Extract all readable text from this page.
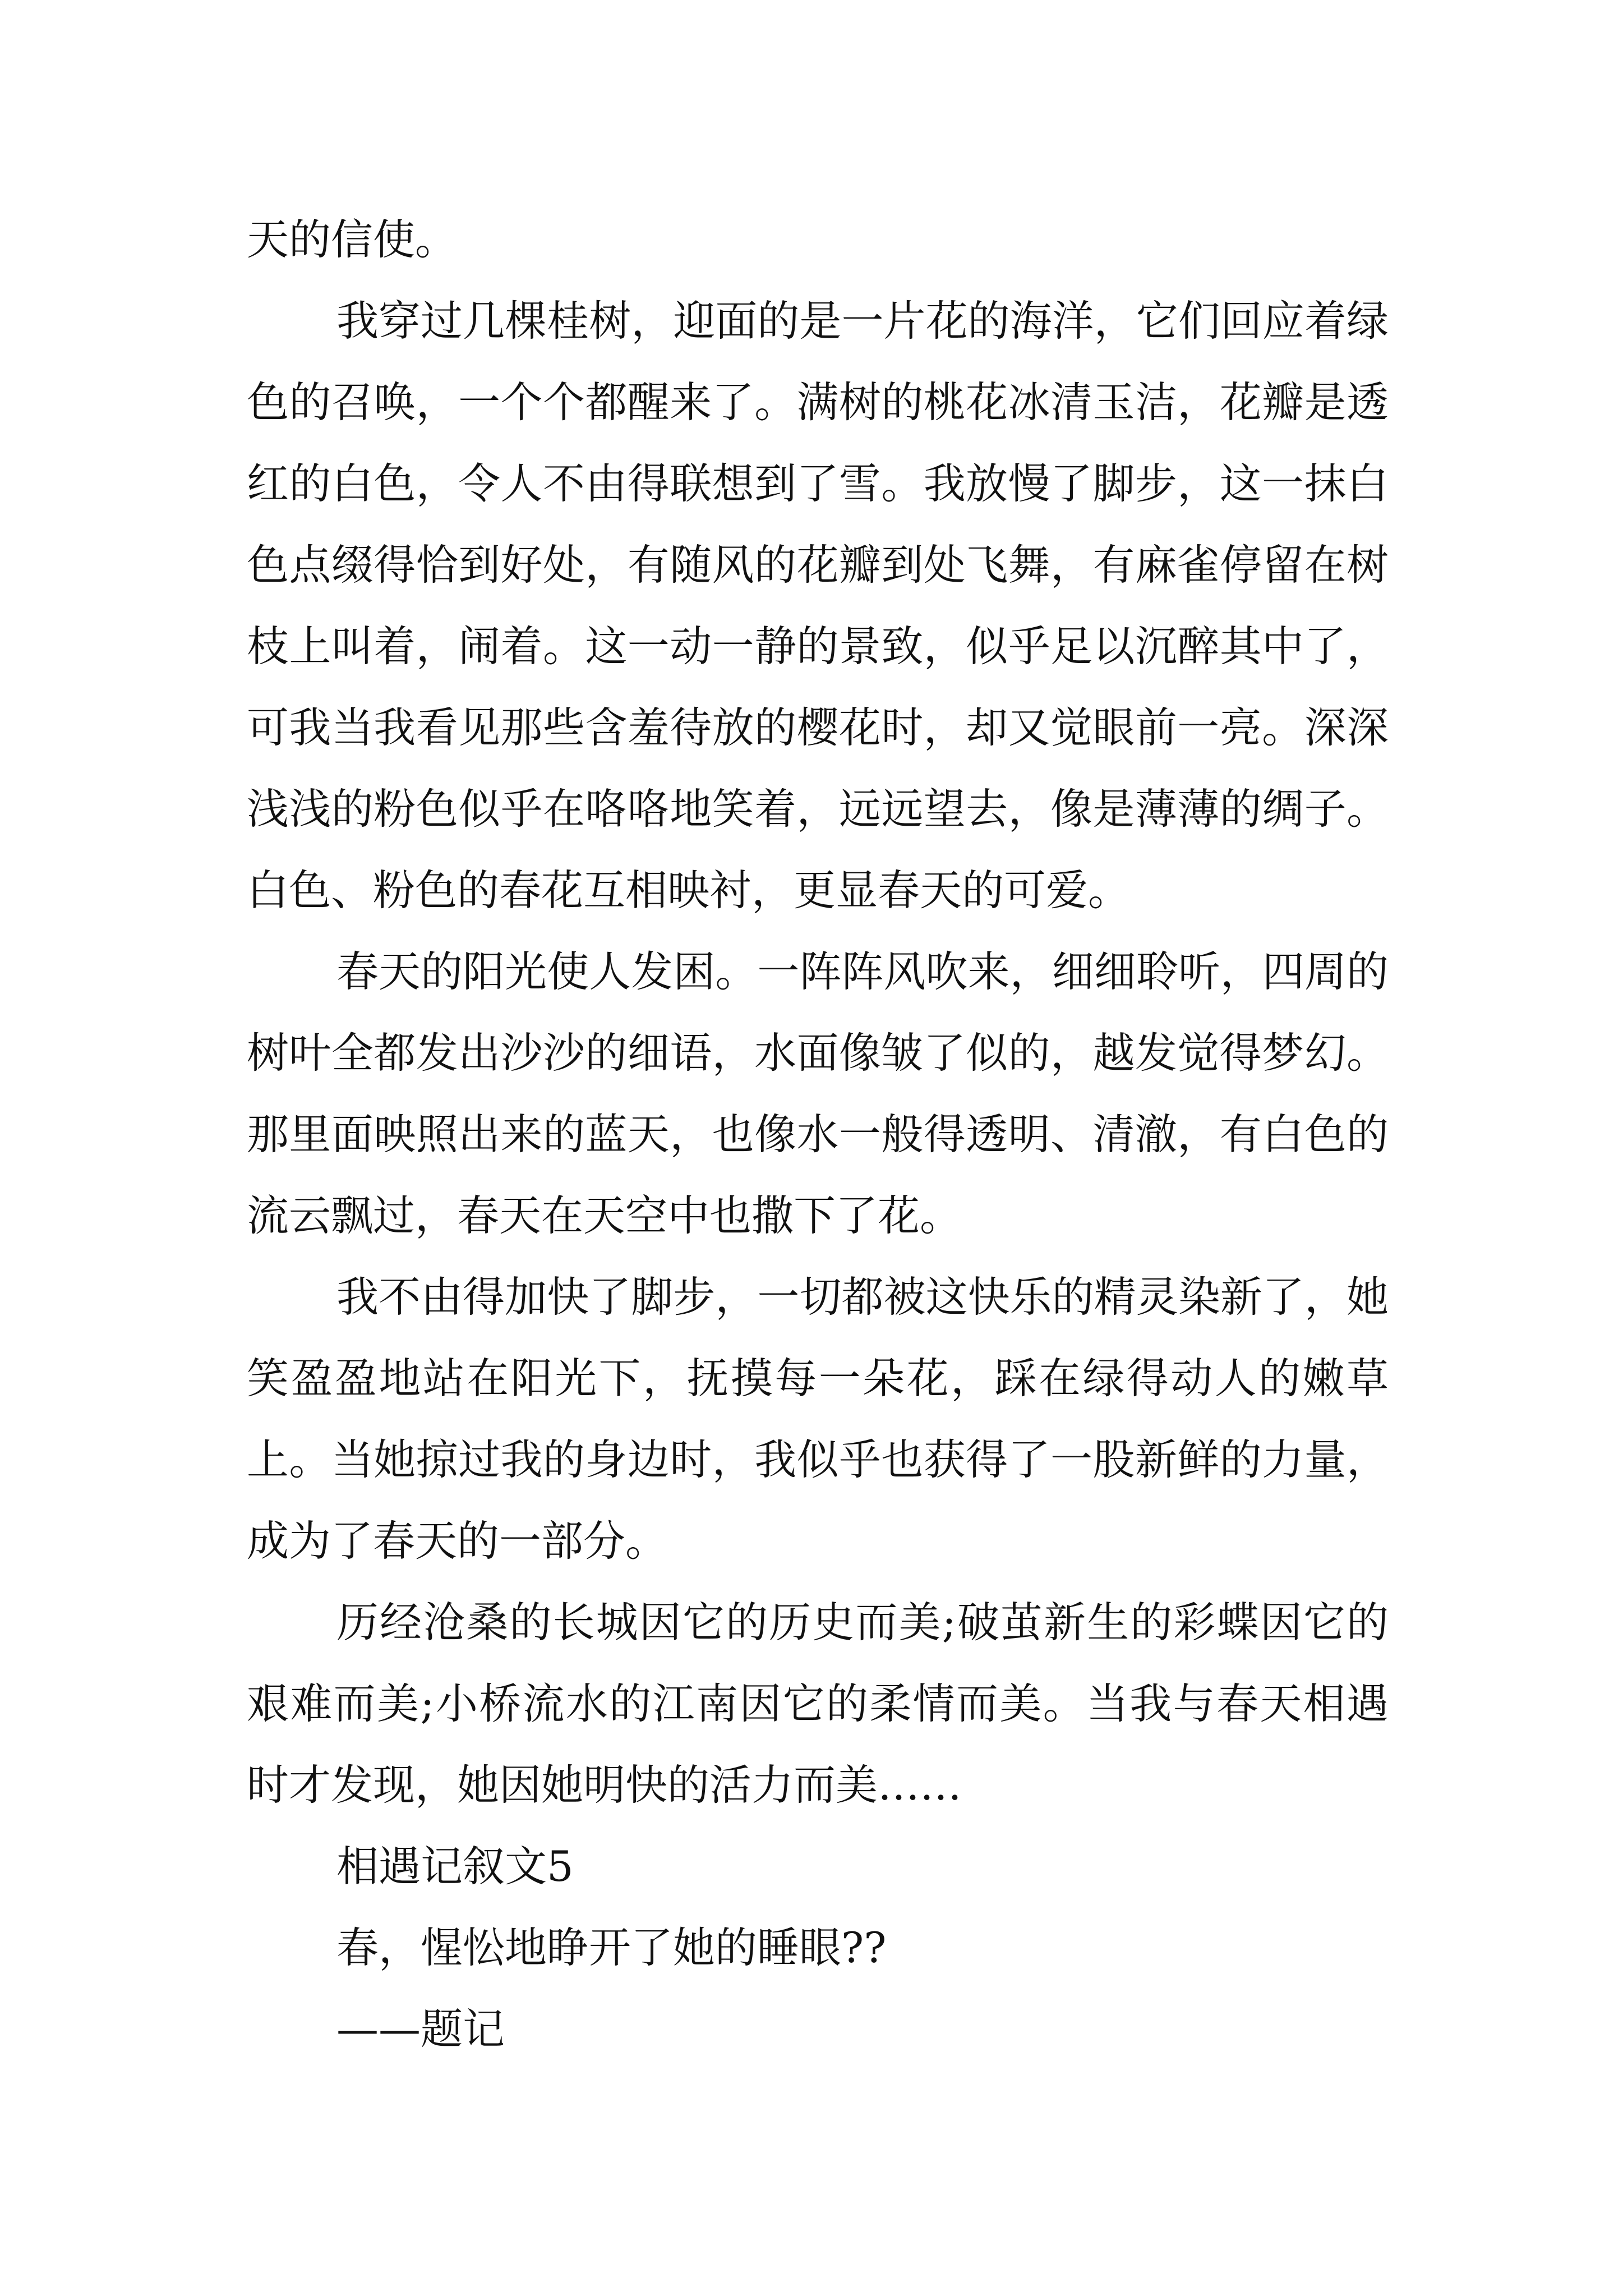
天的信使。

我穿过几棵桂树，迎面的是一片花的海洋，它们回应着绿色的召唤，一个个都醒来了。满树的桃花冰清玉洁，花瓣是透红的白色，令人不由得联想到了雪。我放慢了脚步，这一抹白色点缀得恰到好处，有随风的花瓣到处飞舞，有麻雀停留在树枝上叫着，闹着。这一动一静的景致，似乎足以沉醉其中了，可我当我看见那些含羞待放的樱花时，却又觉眼前一亮。深深浅浅的粉色似乎在咯咯地笑着，远远望去，像是薄薄的绸子。白色、粉色的春花互相映衬，更显春天的可爱。

春天的阳光使人发困。一阵阵风吹来，细细聆听，四周的树叶全都发出沙沙的细语，水面像皱了似的，越发觉得梦幻。那里面映照出来的蓝天，也像水一般得透明、清澈，有白色的流云飘过，春天在天空中也撒下了花。

我不由得加快了脚步，一切都被这快乐的精灵染新了，她笑盈盈地站在阳光下，抚摸每一朵花，踩在绿得动人的嫩草上。当她掠过我的身边时，我似乎也获得了一股新鲜的力量，成为了春天的一部分。

历经沧桑的长城因它的历史而美;破茧新生的彩蝶因它的艰难而美;小桥流水的江南因它的柔情而美。当我与春天相遇时才发现，她因她明快的活力而美……

相遇记叙文5

春，惺忪地睁开了她的睡眼??

——题记
